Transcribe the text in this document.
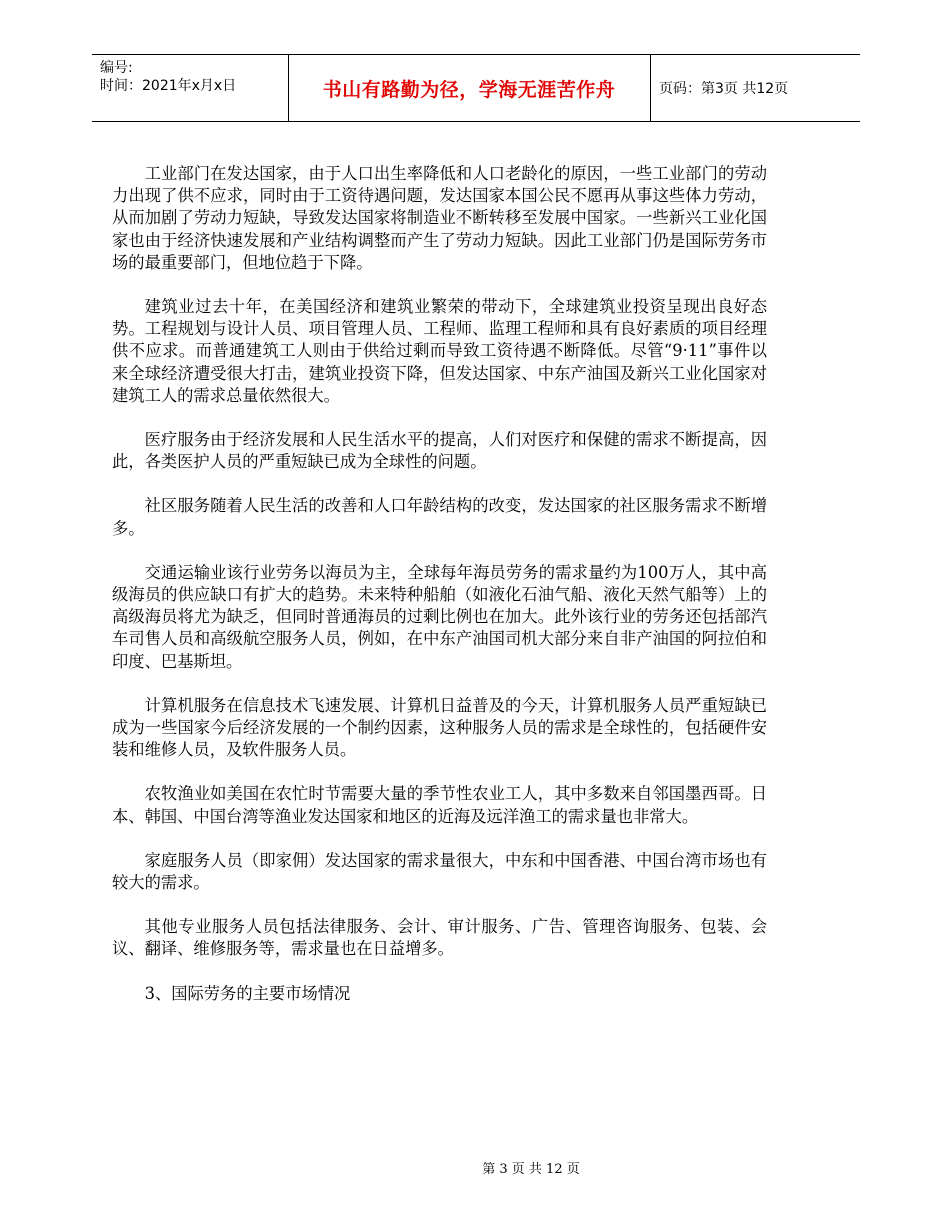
编号:
时间：2021年x月x日	书山有路勤为径，学海无涯苦作舟	页码：第3页 共12页

工业部门在发达国家，由于人口出生率降低和人口老龄化的原因，一些工业部门的劳动力出现了供不应求，同时由于工资待遇问题，发达国家本国公民不愿再从事这些体力劳动，从而加剧了劳动力短缺，导致发达国家将制造业不断转移至发展中国家。一些新兴工业化国家也由于经济快速发展和产业结构调整而产生了劳动力短缺。因此工业部门仍是国际劳务市场的最重要部门，但地位趋于下降。

建筑业过去十年，在美国经济和建筑业繁荣的带动下，全球建筑业投资呈现出良好态势。工程规划与设计人员、项目管理人员、工程师、监理工程师和具有良好素质的项目经理供不应求。而普通建筑工人则由于供给过剩而导致工资待遇不断降低。尽管“9·11”事件以来全球经济遭受很大打击，建筑业投资下降，但发达国家、中东产油国及新兴工业化国家对建筑工人的需求总量依然很大。

医疗服务由于经济发展和人民生活水平的提高，人们对医疗和保健的需求不断提高，因此，各类医护人员的严重短缺已成为全球性的问题。

社区服务随着人民生活的改善和人口年龄结构的改变，发达国家的社区服务需求不断增多。

交通运输业该行业劳务以海员为主，全球每年海员劳务的需求量约为100万人，其中高级海员的供应缺口有扩大的趋势。未来特种船舶（如液化石油气船、液化天然气船等）上的高级海员将尤为缺乏，但同时普通海员的过剩比例也在加大。此外该行业的劳务还包括部汽车司售人员和高级航空服务人员，例如，在中东产油国司机大部分来自非产油国的阿拉伯和印度、巴基斯坦。

计算机服务在信息技术飞速发展、计算机日益普及的今天，计算机服务人员严重短缺已成为一些国家今后经济发展的一个制约因素，这种服务人员的需求是全球性的，包括硬件安装和维修人员，及软件服务人员。

农牧渔业如美国在农忙时节需要大量的季节性农业工人，其中多数来自邻国墨西哥。日本、韩国、中国台湾等渔业发达国家和地区的近海及远洋渔工的需求量也非常大。

家庭服务人员（即家佣）发达国家的需求量很大，中东和中国香港、中国台湾市场也有较大的需求。

其他专业服务人员包括法律服务、会计、审计服务、广告、管理咨询服务、包装、会议、翻译、维修服务等，需求量也在日益增多。

3、国际劳务的主要市场情况

第 3 页 共 12 页
